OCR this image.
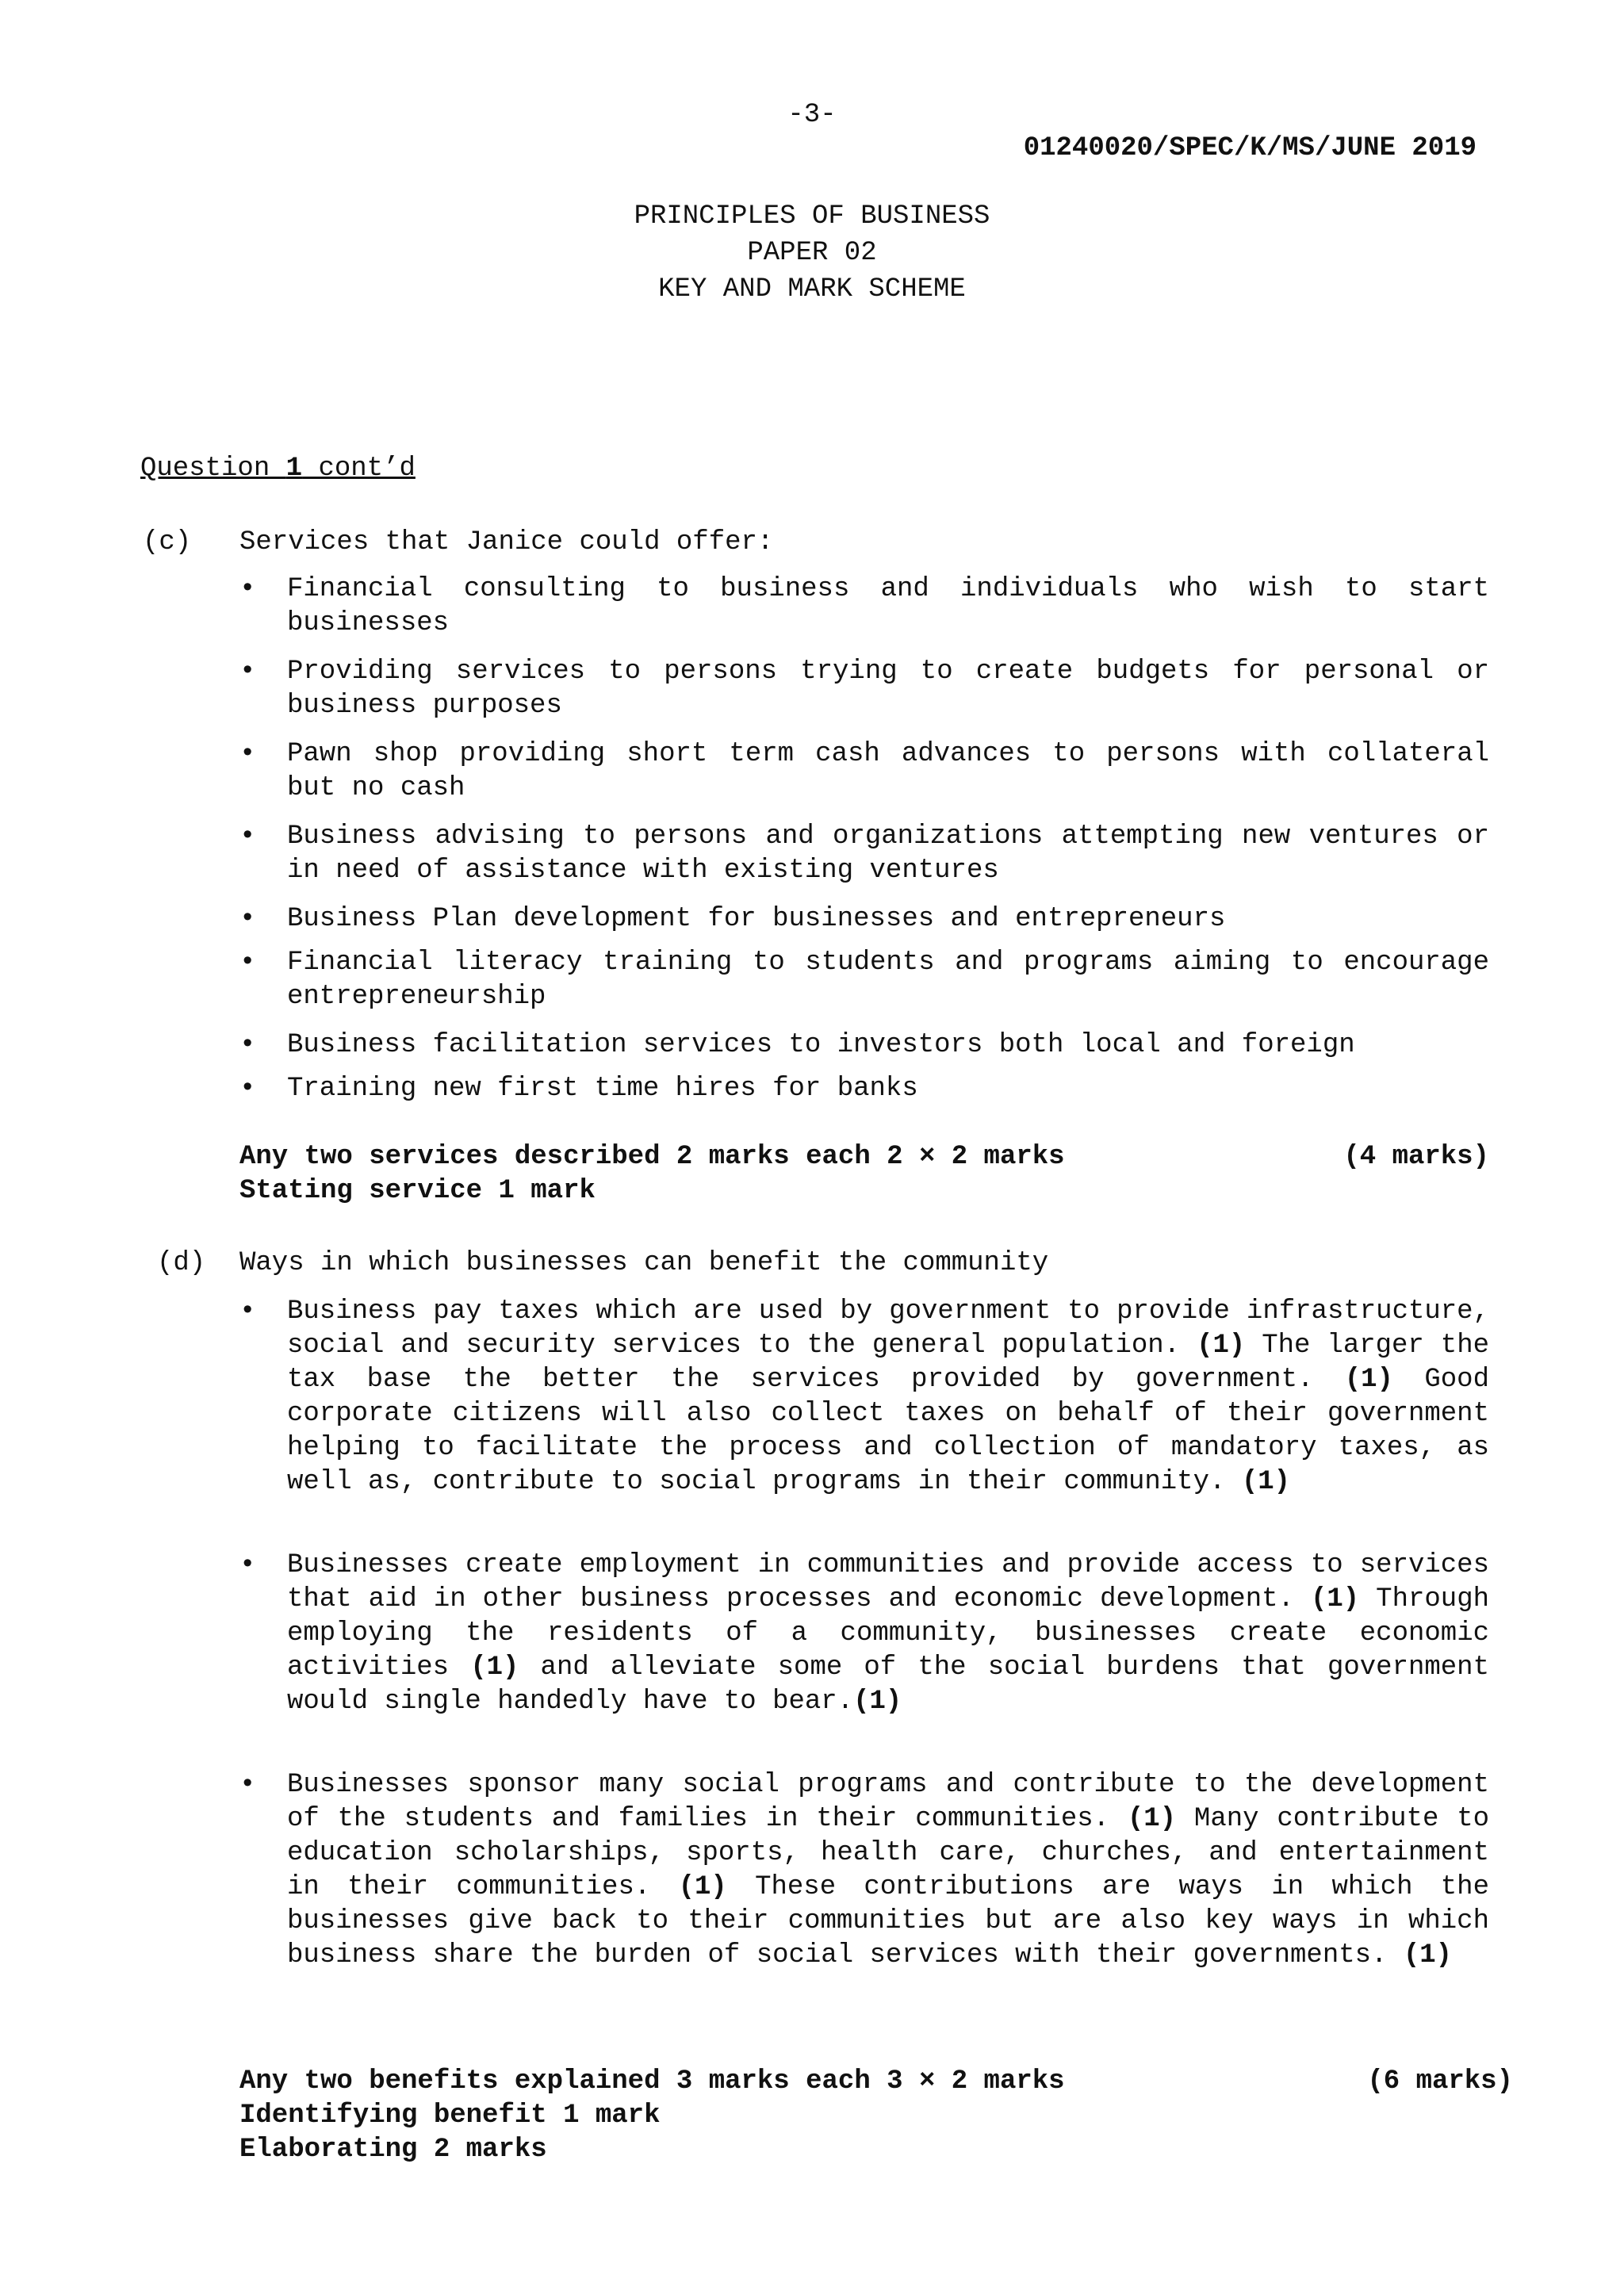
-3-
01240020/SPEC/K/MS/JUNE 2019
PRINCIPLES OF BUSINESS
PAPER 02
KEY AND MARK SCHEME
Question 1 cont’d
(c) Services that Janice could offer:
•	Financial consulting to business and individuals who wish to start businesses
•	Providing services to persons trying to create budgets for personal or business purposes
•	Pawn shop providing short term cash advances to persons with collateral but no cash
•	Business advising to persons and organizations attempting new ventures or in need of assistance with existing ventures
•	Business Plan development for businesses and entrepreneurs
•	Financial literacy training to students and programs aiming to encourage entrepreneurship
•	Business facilitation services to investors both local and foreign
•	Training new first time hires for banks
Any two services described 2 marks each 2 × 2 marks	(4 marks)
Stating service 1 mark
(d) Ways in which businesses can benefit the community
•	Business pay taxes which are used by government to provide infrastructure, social and security services to the general population. (1) The larger the tax base the better the services provided by government. (1) Good corporate citizens will also collect taxes on behalf of their government helping to facilitate the process and collection of mandatory taxes, as well as, contribute to social programs in their community. (1)
•	Businesses create employment in communities and provide access to services that aid in other business processes and economic development. (1) Through employing the residents of a community, businesses create economic activities (1) and alleviate some of the social burdens that government would single handedly have to bear.(1)
•	Businesses sponsor many social programs and contribute to the development of the students and families in their communities. (1) Many contribute to education scholarships, sports, health care, churches, and entertainment in their communities. (1) These contributions are ways in which the businesses give back to their communities but are also key ways in which business share the burden of social services with their governments. (1)
Any two benefits explained 3 marks each 3 × 2 marks	(6 marks)
Identifying benefit 1 mark
Elaborating 2 marks
